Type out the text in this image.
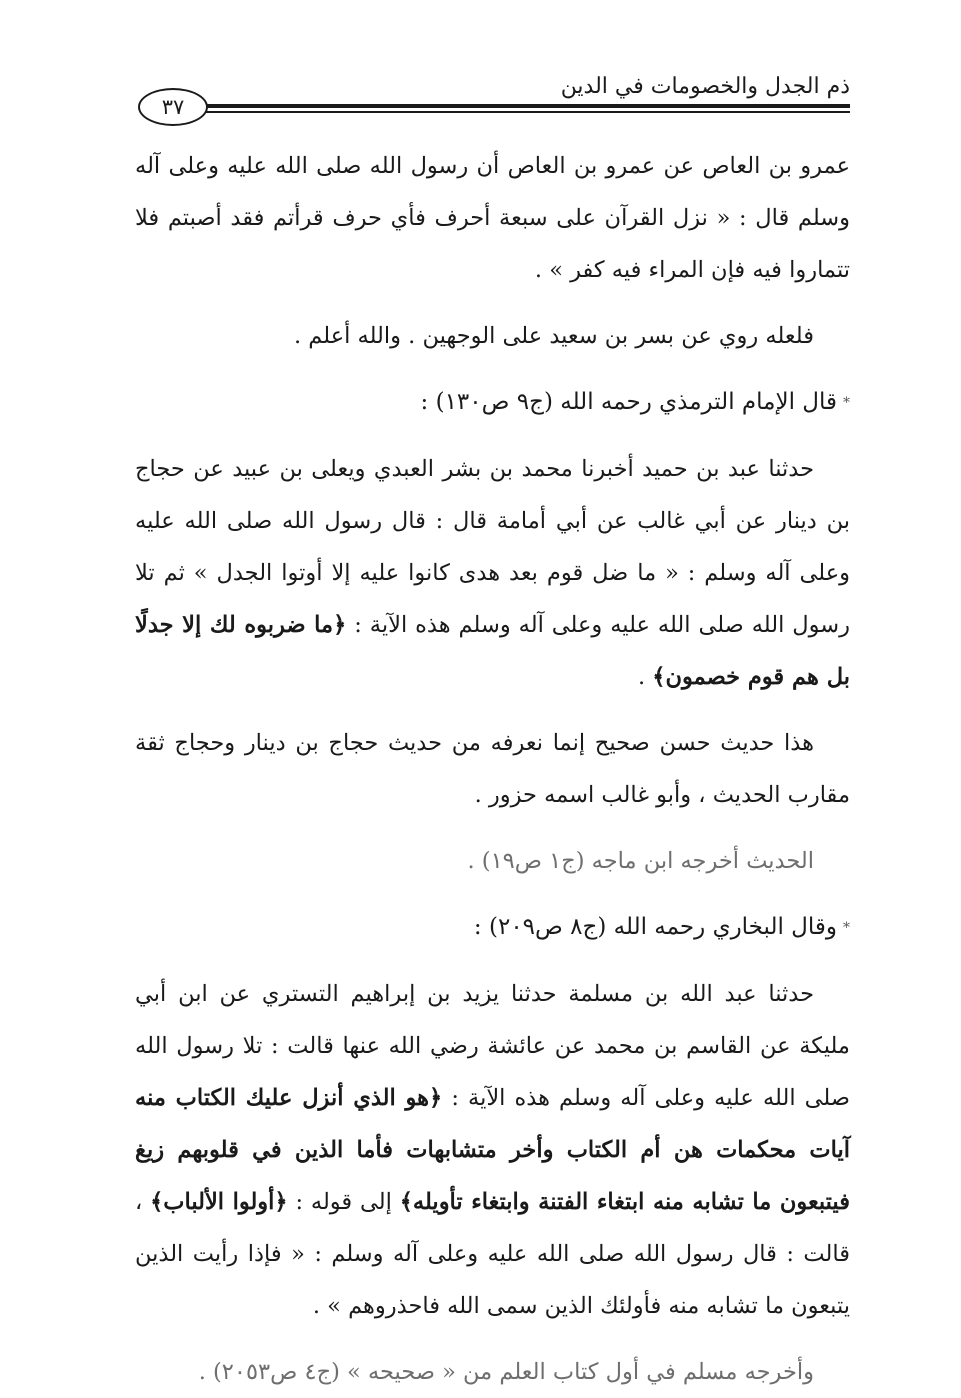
ذم الجدل والخصومات في الدين
٣٧

عمرو بن العاص عن عمرو بن العاص أن رسول الله صلى الله عليه وعلى آله وسلم قال : « نزل القرآن على سبعة أحرف فأي حرف قرأتم فقد أصبتم فلا تتماروا فيه فإن المراء فيه كفر » .

فلعله روي عن بسر بن سعيد على الوجهين . والله أعلم .

*قال الإمام الترمذي رحمه الله (ج٩ ص١٣٠) :

حدثنا عبد بن حميد أخبرنا محمد بن بشر العبدي ويعلى بن عبيد عن حجاج بن دينار عن أبي غالب عن أبي أمامة قال : قال رسول الله صلى الله عليه وعلى آله وسلم : « ما ضل قوم بعد هدى كانوا عليه إلا أوتوا الجدل » ثم تلا رسول الله صلى الله عليه وعلى آله وسلم هذه الآية : ﴿ما ضربوه لك إلا جدلًا بل هم قوم خصمون﴾ .

هذا حديث حسن صحيح إنما نعرفه من حديث حجاج بن دينار وحجاج ثقة مقارب الحديث ، وأبو غالب اسمه حزور .

الحديث أخرجه ابن ماجه (ج١ ص١٩) .

*وقال البخاري رحمه الله (ج٨ ص٢٠٩) :

حدثنا عبد الله بن مسلمة حدثنا يزيد بن إبراهيم التستري عن ابن أبي مليكة عن القاسم بن محمد عن عائشة رضي الله عنها قالت : تلا رسول الله صلى الله عليه وعلى آله وسلم هذه الآية : ﴿هو الذي أنزل عليك الكتاب منه آيات محكمات هن أم الكتاب وأخر متشابهات فأما الذين في قلوبهم زيغ فيتبعون ما تشابه منه ابتغاء الفتنة وابتغاء تأويله﴾ إلى قوله : ﴿أولوا الألباب﴾ ، قالت : قال رسول الله صلى الله عليه وعلى آله وسلم : « فإذا رأيت الذين يتبعون ما تشابه منه فأولئك الذين سمى الله فاحذروهم » .

وأخرجه مسلم في أول كتاب العلم من « صحيحه » (ج٤ ص٢٠٥٣) .
